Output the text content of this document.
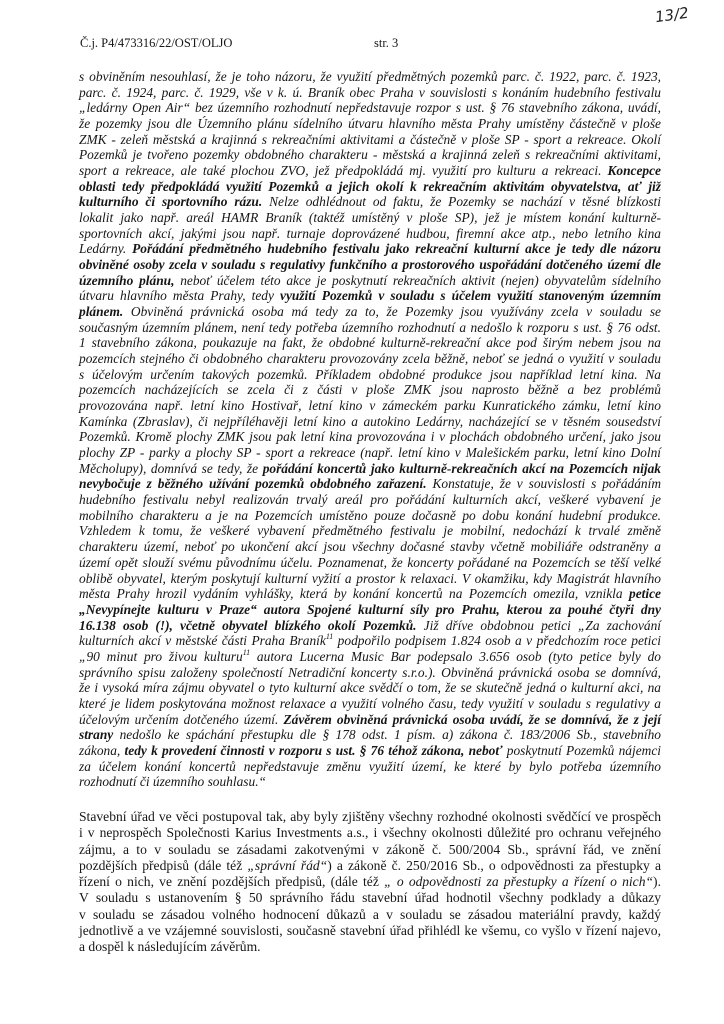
13/2
Č.j. P4/473316/22/OST/OLJO	str. 3
s obviněním nesouhlasí, že je toho názoru, že využití předmětných pozemků parc. č. 1922, parc. č. 1923,
parc. č. 1924, parc. č. 1929, vše v k. ú. Braník obec Praha v souvislosti s konáním hudebního festivalu
„ledárny Open Air“ bez územního rozhodnutí nepředstavuje rozpor s ust. § 76 stavebního zákona, uvádí,
že pozemky jsou dle Územního plánu sídelního útvaru hlavního města Prahy umístěny částečně v ploše
ZMK - zeleň městská a krajinná s rekreačními aktivitami a částečně v ploše SP - sport a rekreace. Okolí
Pozemků je tvořeno pozemky obdobného charakteru - městská a krajinná zeleň s rekreačními aktivitami,
sport a rekreace, ale také plochou ZVO, jež předpokládá mj. využití pro kulturu a rekreaci. Koncepce
oblasti tedy předpokládá využití Pozemků a jejich okolí k rekreačním aktivitám obyvatelstva, ať již
kulturního či sportovního rázu. Nelze odhlédnout od faktu, že Pozemky se nachází v těsné blízkosti
lokalit jako např. areál HAMR Braník (taktéž umístěný v ploše SP), jež je místem konání kulturně-
sportovních akcí, jakými jsou např. turnaje doprovázené hudbou, firemní akce atp., nebo letního kina
Ledárny. Pořádání předmětného hudebního festivalu jako rekreační kulturní akce je tedy dle názoru
obviněné osoby zcela v souladu s regulativy funkčního a prostorového uspořádání dotčeného území dle
územního plánu, neboť účelem této akce je poskytnutí rekreačních aktivit (nejen) obyvatelům sídelního
útvaru hlavního města Prahy, tedy využití Pozemků v souladu s účelem využití stanoveným územním
plánem. Obviněná právnická osoba má tedy za to, že Pozemky jsou využívány zcela v souladu se
současným územním plánem, není tedy potřeba územního rozhodnutí a nedošlo k rozporu s ust. § 76 odst.
1 stavebního zákona, poukazuje na fakt, že obdobné kulturně-rekreační akce pod širým nebem jsou na
pozemcích stejného či obdobného charakteru provozovány zcela běžně, neboť se jedná o využití v souladu
s účelovým určením takových pozemků. Příkladem obdobné produkce jsou například letní kina. Na
pozemcích nacházejících se zcela či z části v ploše ZMK jsou naprosto běžně a bez problémů
provozována např. letní kino Hostivař, letní kino v zámeckém parku Kunratického zámku, letní kino
Kamínka (Zbraslav), či nejpříléhavěji letní kino a autokino Ledárny, nacházející se v těsném sousedství
Pozemků. Kromě plochy ZMK jsou pak letní kina provozována i v plochách obdobného určení, jako jsou
plochy ZP - parky a plochy SP - sport a rekreace (např. letní kino v Malešickém parku, letní kino Dolní
Měcholupy), domnívá se tedy, že pořádání koncertů jako kulturně-rekreačních akcí na Pozemcích nijak
nevybočuje z běžného užívání pozemků obdobného zařazení. Konstatuje, že v souvislosti s pořádáním
hudebního festivalu nebyl realizován trvalý areál pro pořádání kulturních akcí, veškeré vybavení je
mobilního charakteru a je na Pozemcích umístěno pouze dočasně po dobu konání hudební produkce.
Vzhledem k tomu, že veškeré vybavení předmětného festivalu je mobilní, nedochází k trvalé změně
charakteru území, neboť po ukončení akcí jsou všechny dočasné stavby včetně mobiliáře odstraněny a
území opět slouží svému původnímu účelu. Poznamenat, že koncerty pořádané na Pozemcích se těší velké
oblibě obyvatel, kterým poskytují kulturní vyžití a prostor k relaxaci. V okamžiku, kdy Magistrát hlavního
města Prahy hrozil vydáním vyhlášky, která by konání koncertů na Pozemcích omezila, vznikla petice
„Nevypínejte kulturu v Praze“ autora Spojené kulturní síly pro Prahu, kterou za pouhé čtyři dny
16.138 osob (!), včetně obyvatel blízkého okolí Pozemků. Již dříve obdobnou petici „Za zachování
kulturních akcí v městské části Praha Braník$^{11}$ podpořilo podpisem 1.824 osob a v předchozím roce petici
„90 minut pro živou kulturu$^{11}$ autora Lucerna Music Bar podepsalo 3.656 osob (tyto petice byly do
správního spisu založeny společností Netradiční koncerty s.r.o.). Obviněná právnická osoba se domnívá,
že i vysoká míra zájmu obyvatel o tyto kulturní akce svědčí o tom, že se skutečně jedná o kulturní akci, na
které je lidem poskytována možnost relaxace a využití volného času, tedy využití v souladu s regulativy a
účelovým určením dotčeného území. Závěrem obviněná právnická osoba uvádí, že se domnívá, že z její
strany nedošlo ke spáchání přestupku dle § 178 odst. 1 písm. a) zákona č. 183/2006 Sb., stavebního
zákona, tedy k provedení činnosti v rozporu s ust. § 76 téhož zákona, neboť poskytnutí Pozemků nájemci
za účelem konání koncertů nepředstavuje změnu využití území, ke které by bylo potřeba územního
rozhodnutí či územního souhlasu.“
Stavební úřad ve věci postupoval tak, aby byly zjištěny všechny rozhodné okolnosti svědčící ve prospěch
i v neprospěch Společnosti Karius Investments a.s., i všechny okolnosti důležité pro ochranu veřejného
zájmu, a to v souladu se zásadami zakotvenými v zákoně č. 500/2004 Sb., správní řád, ve znění
pozdějších předpisů (dále též „správní řád“) a zákoně č. 250/2016 Sb., o odpovědnosti za přestupky a
řízení o nich, ve znění pozdějších předpisů, (dále též „ o odpovědnosti za přestupky a řízení o nich“).
V souladu s ustanovením § 50 správního řádu stavební úřad hodnotil všechny podklady a důkazy
v souladu se zásadou volného hodnocení důkazů a v souladu se zásadou materiální pravdy, každý
jednotlivě a ve vzájemné souvislosti, současně stavební úřad přihlédl ke všemu, co vyšlo v řízení najevo,
a dospěl k následujícím závěrům.
